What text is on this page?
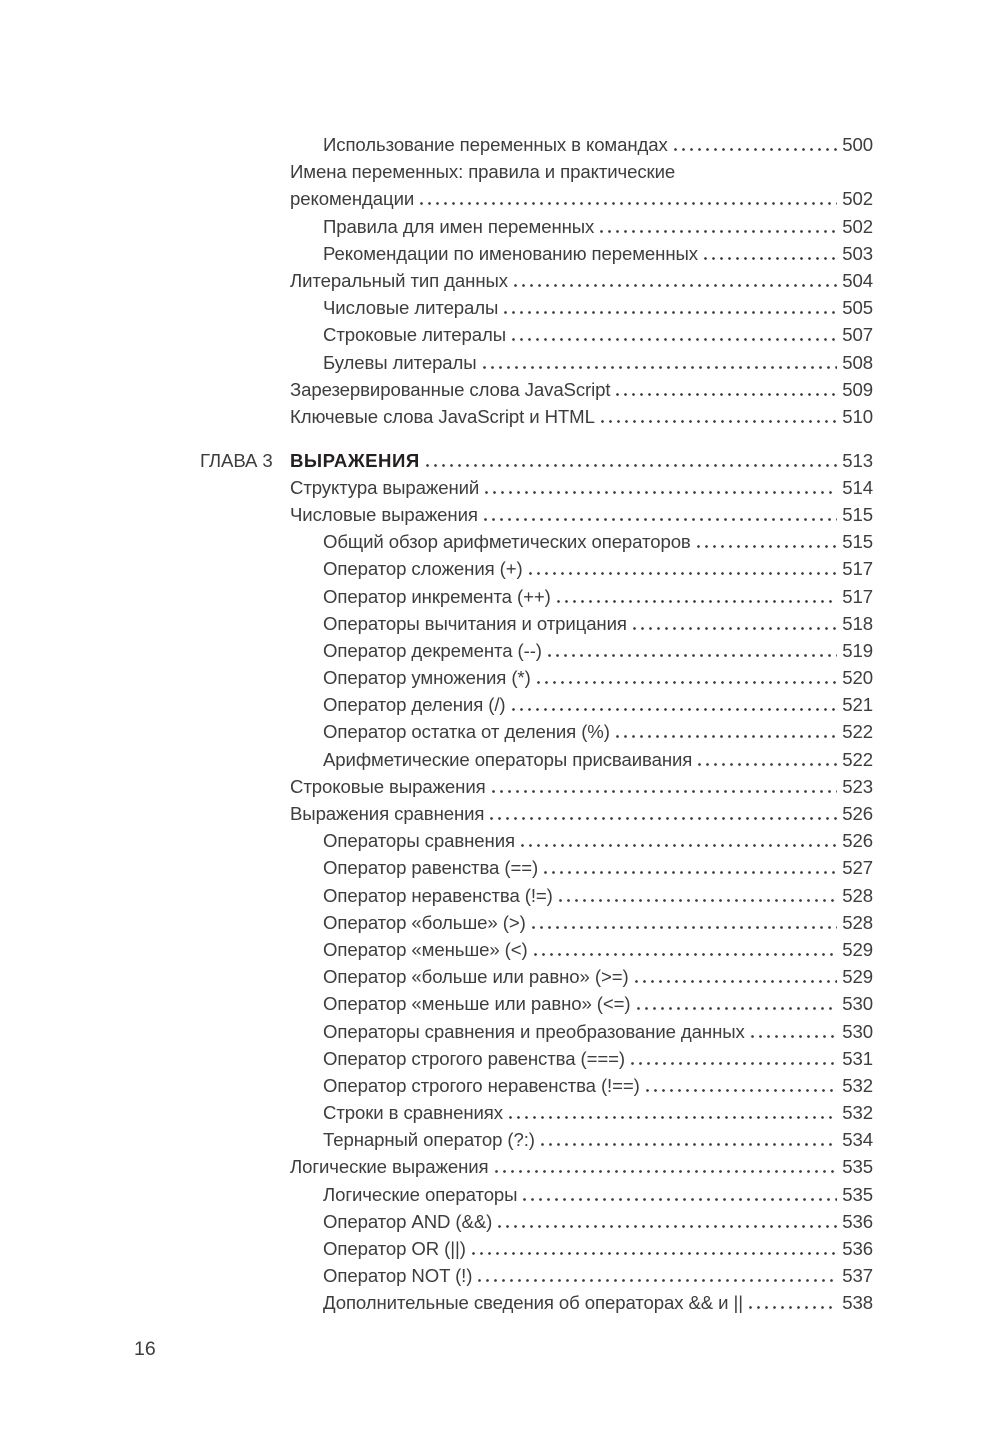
Использование переменных в командах	500
Имена переменных: правила и практические
рекомендации	502
Правила для имен переменных	502
Рекомендации по именованию переменных	503
Литеральный тип данных	504
Числовые литералы	505
Строковые литералы	507
Булевы литералы	508
Зарезервированные слова JavaScript	509
Ключевые слова JavaScript и HTML	510
ГЛАВА 3 ВЫРАЖЕНИЯ	513
Структура выражений	514
Числовые выражения	515
Общий обзор арифметических операторов	515
Оператор сложения (+)	517
Оператор инкремента (++)	517
Операторы вычитания и отрицания	518
Оператор декремента (--)	519
Оператор умножения (*)	520
Оператор деления (/)	521
Оператор остатка от деления (%)	522
Арифметические операторы присваивания	522
Строковые выражения	523
Выражения сравнения	526
Операторы сравнения	526
Оператор равенства (==)	527
Оператор неравенства (!=)	528
Оператор «больше» (>)	528
Оператор «меньше» (<)	529
Оператор «больше или равно» (>=)	529
Оператор «меньше или равно» (<=)	530
Операторы сравнения и преобразование данных	530
Оператор строгого равенства (===)	531
Оператор строгого неравенства (!==)	532
Строки в сравнениях	532
Тернарный оператор (?:)	534
Логические выражения	535
Логические операторы	535
Оператор AND (&&)	536
Оператор OR (||)	536
Оператор NOT (!)	537
Дополнительные сведения об операторах && и ||	538
16
